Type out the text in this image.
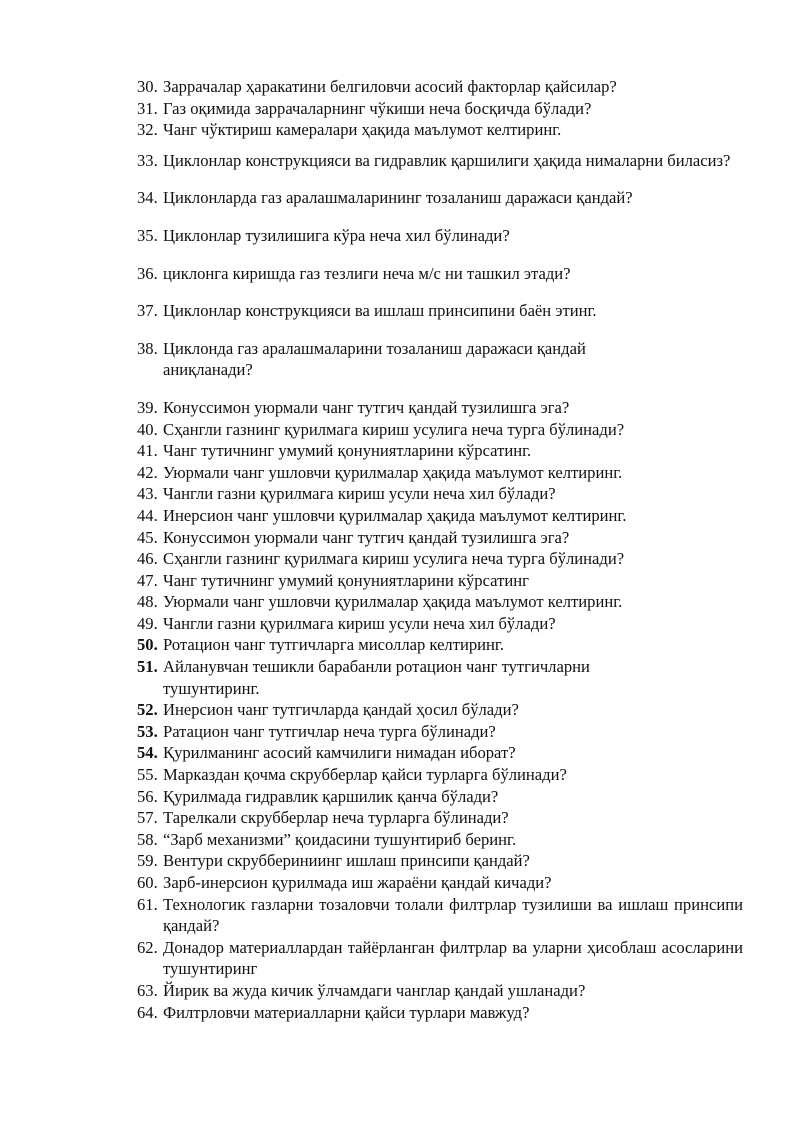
30. Заррачалар ҳаракатини белгиловчи асосий факторлар қайсилар?
31. Газ оқимида заррачаларнинг чўкиши неча босқичда бўлади?
32. Чанг чўктириш камералари ҳақида маълумот келтиринг.
33. Циклонлар конструкцияси ва гидравлик қаршилиги ҳақида нималарни биласиз?
34. Циклонларда газ аралашмаларининг тозаланиш даражаси қандай?
35. Циклонлар тузилишига кўра неча хил бўлинади?
36. циклонга киришда газ тезлиги неча м/с ни ташкил этади?
37. Циклонлар конструкцияси ва ишлаш принсипини баён этинг.
38. Циклонда газ аралашмаларини тозаланиш даражаси қандай аниқланади?
39. Конуссимон уюрмали чанг тутгич қандай тузилишга эга?
40. Сҳангли газнинг қурилмага кириш усулига неча турга бўлинади?
41. Чанг тутичнинг умумий қонуниятларини кўрсатинг.
42. Уюрмали чанг ушловчи қурилмалар ҳақида маълумот келтиринг.
43. Чангли газни қурилмага кириш усули неча хил бўлади?
44. Инерсион чанг ушловчи қурилмалар ҳақида маълумот келтиринг.
45. Конуссимон уюрмали чанг тутгич қандай тузилишга эга?
46. Сҳангли газнинг қурилмага кириш усулига неча турга бўлинади?
47. Чанг тутичнинг умумий қонуниятларини кўрсатинг
48. Уюрмали чанг ушловчи қурилмалар ҳақида маълумот келтиринг.
49. Чангли газни қурилмага кириш усули неча хил бўлади?
50. Ротацион чанг тутгичларга мисоллар келтиринг.
51. Айланувчан тешикли барабанли ротацион чанг тутгичларни тушунтиринг.
52. Инерсион чанг тутгичларда қандай ҳосил бўлади?
53. Ратацион чанг тутгичлар неча турга бўлинади?
54. Қурилманинг асосий камчилиги нимадан иборат?
55. Марказдан қочма скрубберлар қайси турларга бўлинади?
56. Қурилмада гидравлик қаршилик қанча бўлади?
57. Тарелкали скрубберлар неча турларга бўлинади?
58. “Зарб механизми” қоидасини тушунтириб беринг.
59. Вентури скруббериниинг ишлаш принсипи қандай?
60. Зарб-инерсион қурилмада иш жараёни қандай кичади?
61. Технологик газларни тозаловчи толали филтрлар тузилиши ва ишлаш принсипи қандай?
62. Донадор материаллардан тайёрланган филтрлар ва уларни ҳисоблаш асосларини тушунтиринг
63. Йирик ва жуда кичик ўлчамдаги чанглар қандай ушланади?
64. Филтрловчи материалларни қайси турлари мавжуд?
